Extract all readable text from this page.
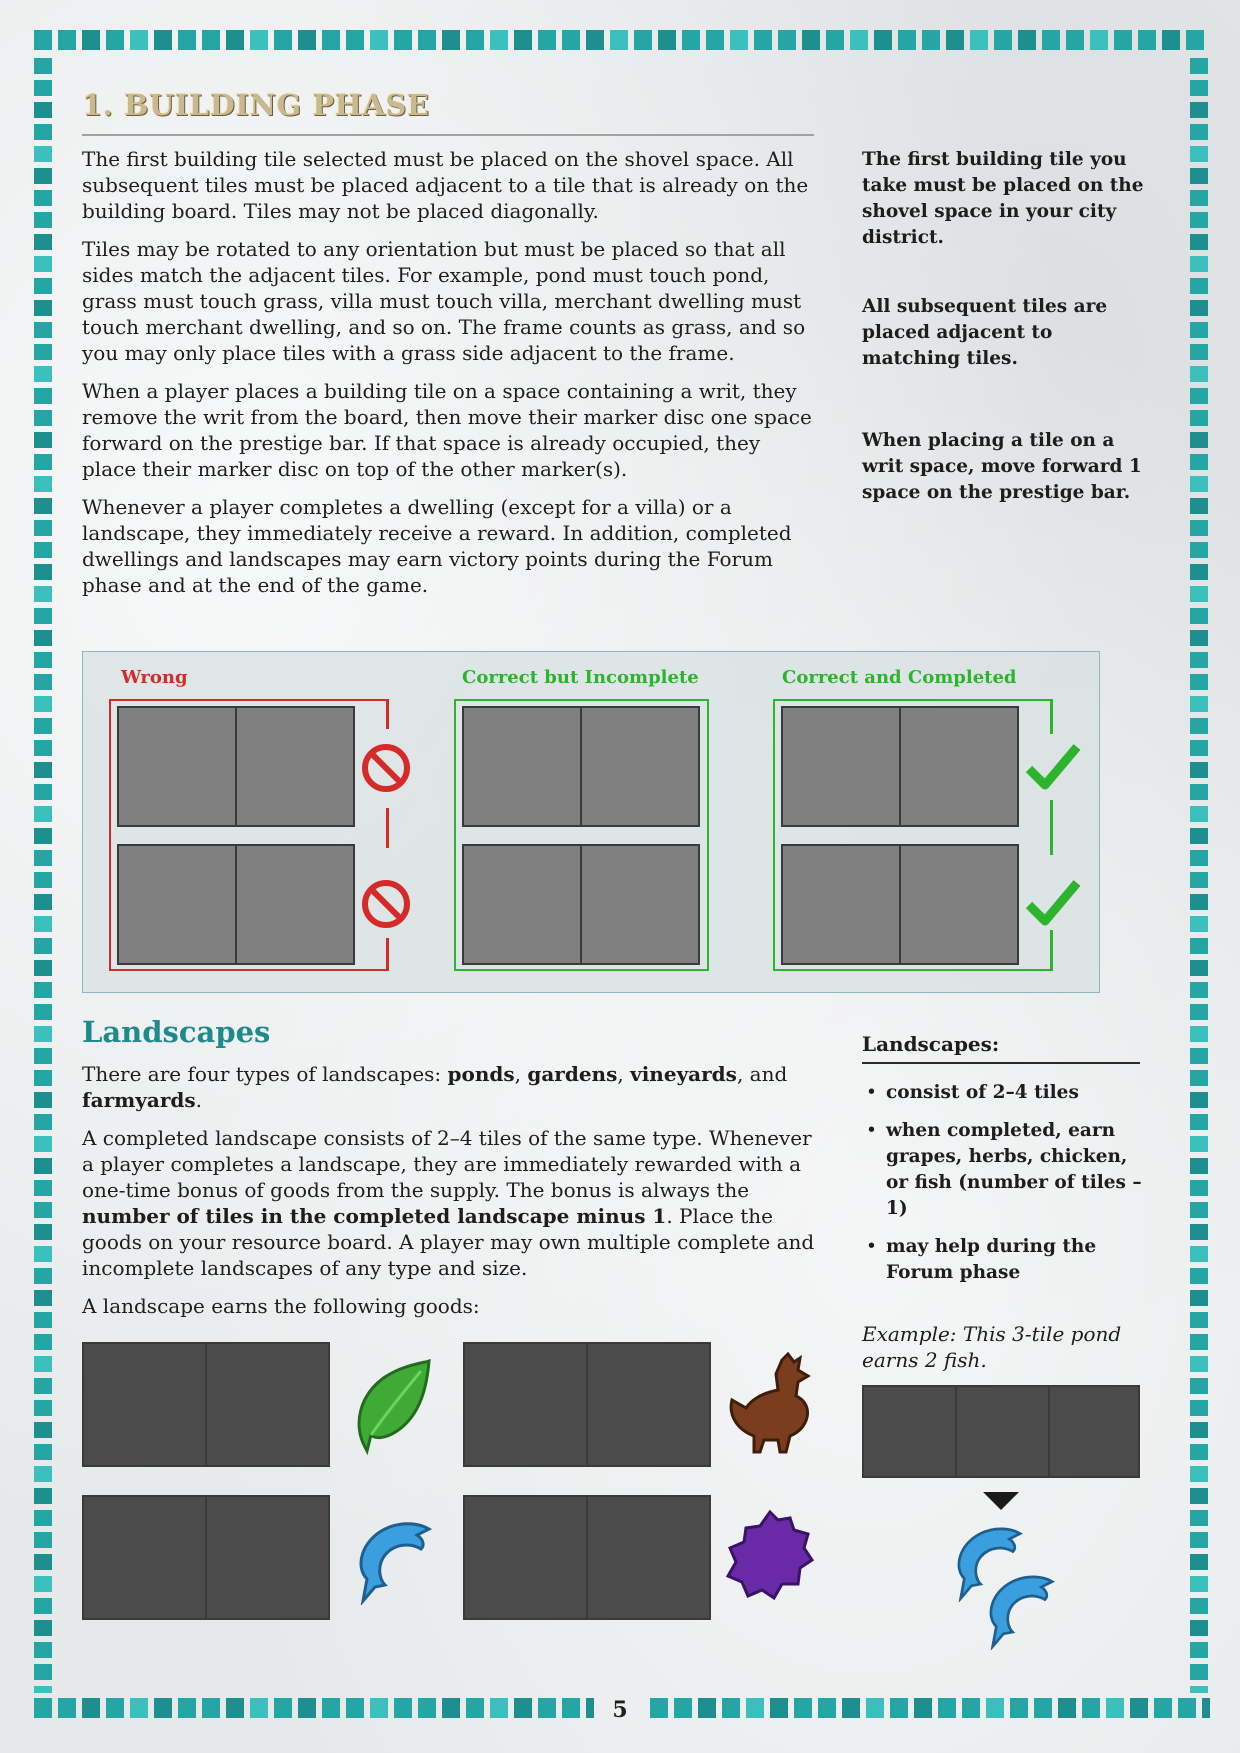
5
1. BUILDING PHASE

The first building tile selected must be placed on the shovel space. All subsequent tiles must be placed adjacent to a tile that is already on the building board. Tiles may not be placed diagonally.

Tiles may be rotated to any orientation but must be placed so that all sides match the adjacent tiles. For example, pond must touch pond, grass must touch grass, villa must touch villa, merchant dwelling must touch merchant dwelling, and so on. The frame counts as grass, and so you may only place tiles with a grass side adjacent to the frame.

When a player places a building tile on a space containing a writ, they remove the writ from the board, then move their marker disc one space forward on the prestige bar. If that space is already occupied, they place their marker disc on top of the other marker(s).

Whenever a player completes a dwelling (except for a villa) or a landscape, they immediately receive a reward. In addition, completed dwellings and landscapes may earn victory points during the Forum phase and at the end of the game.

The first building tile you take must be placed on the shovel space in your city district.
All subsequent tiles are placed adjacent to matching tiles.
When placing a tile on a writ space, move forward 1 space on the prestige bar.
Wrong	Correct but Incomplete	Correct and Completed
Landscapes

There are four types of landscapes: ponds, gardens, vineyards, and farmyards.

A completed landscape consists of 2–4 tiles of the same type. Whenever a player completes a landscape, they are immediately rewarded with a one-time bonus of goods from the supply. The bonus is always the number of tiles in the completed landscape minus 1. Place the goods on your resource board. A player may own multiple complete and incomplete landscapes of any type and size.

A landscape earns the following goods:

Landscapes:
• consist of 2–4 tiles
• when completed, earn grapes, herbs, chicken, or fish (number of tiles –1)
• may help during the Forum phase
Example: This 3-tile pond earns 2 fish.
